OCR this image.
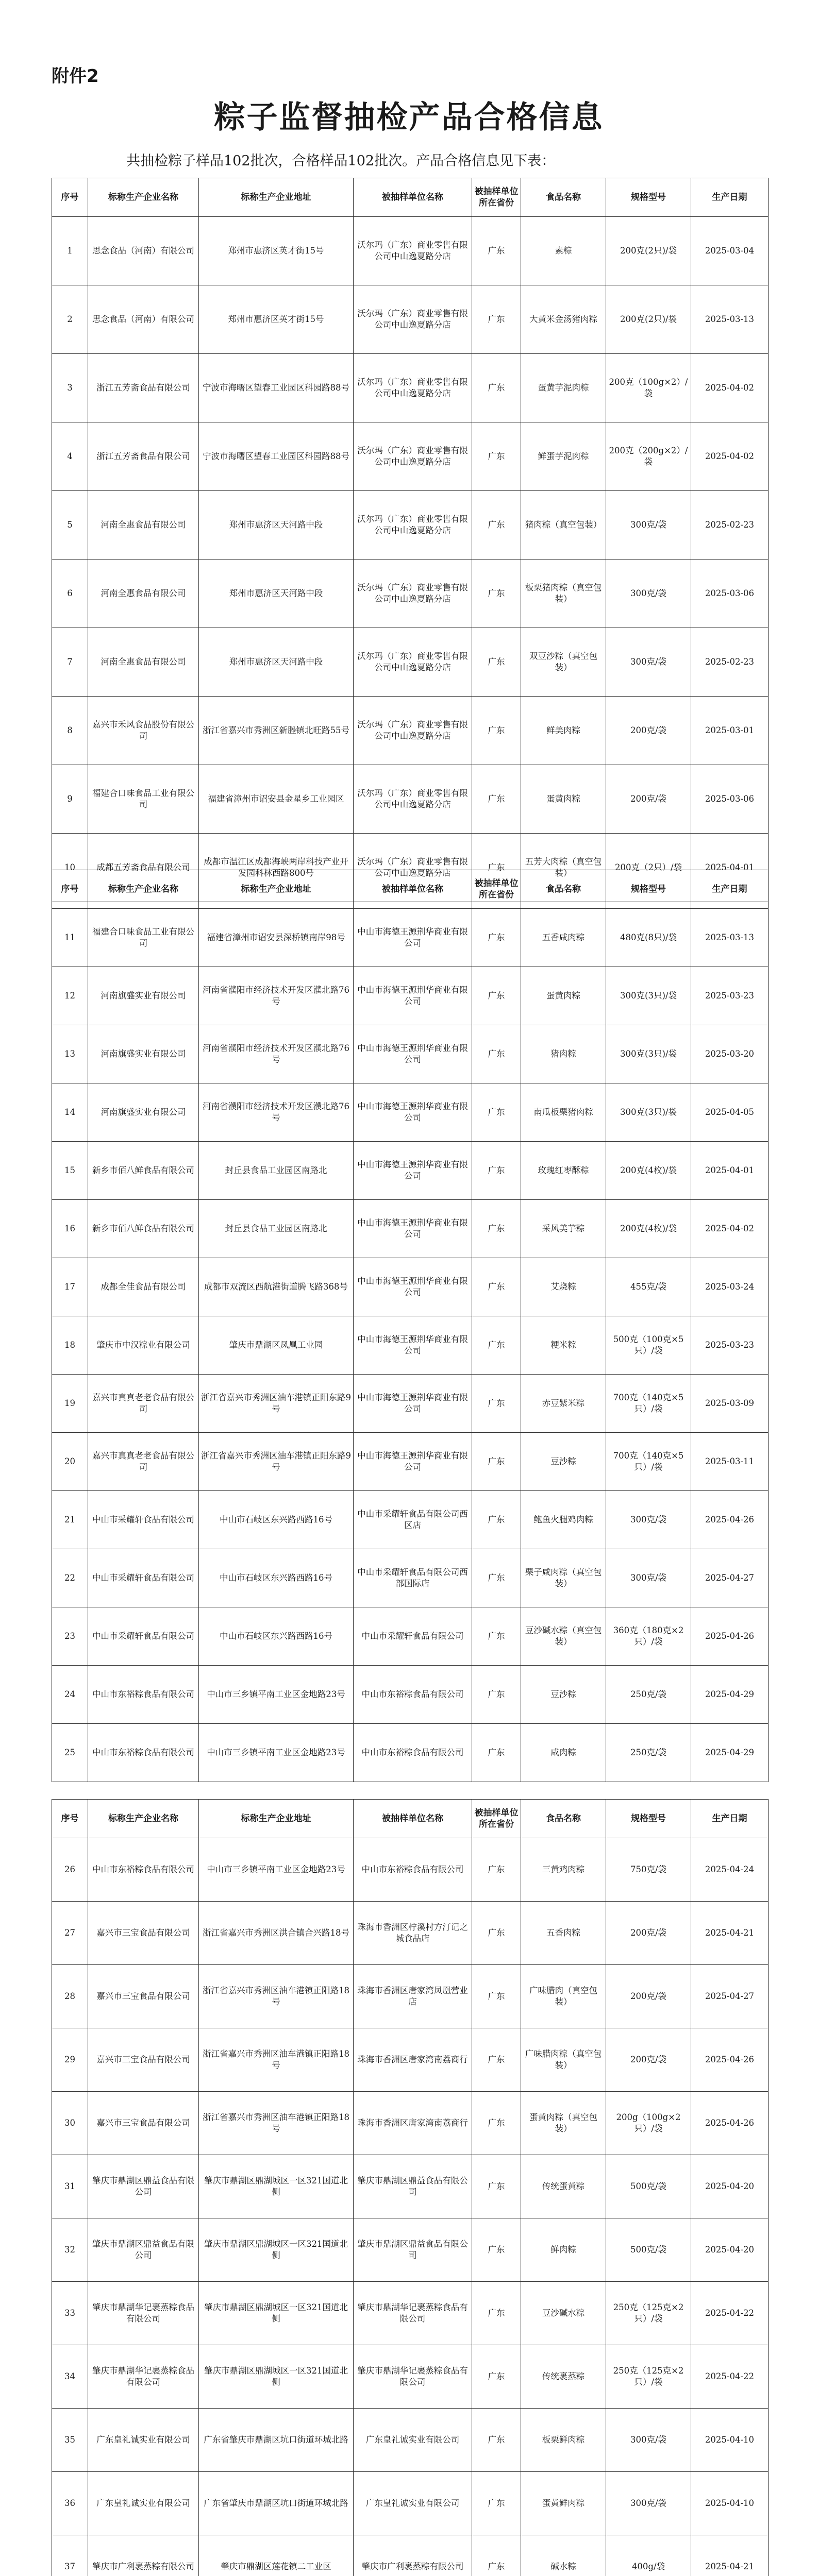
附件2
粽子监督抽检产品合格信息
共抽检粽子样品102批次，合格样品102批次。产品合格信息见下表：
序号	标称生产企业名称	标称生产企业地址	被抽样单位名称	被抽样单位所在省份	食品名称	规格型号	生产日期
1	思念食品（河南）有限公司	郑州市惠济区英才街15号	沃尔玛（广东）商业零售有限公司中山逸夏路分店	广东	素粽	200克(2只)/袋	2025-03-04
2	思念食品（河南）有限公司	郑州市惠济区英才街15号	沃尔玛（广东）商业零售有限公司中山逸夏路分店	广东	大黄米金汤猪肉粽	200克(2只)/袋	2025-03-13
3	浙江五芳斋食品有限公司	宁波市海曙区望春工业园区科园路88号	沃尔玛（广东）商业零售有限公司中山逸夏路分店	广东	蛋黄芋泥肉粽	200克（100g×2）/袋	2025-04-02
4	浙江五芳斋食品有限公司	宁波市海曙区望春工业园区科园路88号	沃尔玛（广东）商业零售有限公司中山逸夏路分店	广东	鲜蛋芋泥肉粽	200克（200g×2）/袋	2025-04-02
5	河南全惠食品有限公司	郑州市惠济区天河路中段	沃尔玛（广东）商业零售有限公司中山逸夏路分店	广东	猪肉粽（真空包装）	300克/袋	2025-02-23
6	河南全惠食品有限公司	郑州市惠济区天河路中段	沃尔玛（广东）商业零售有限公司中山逸夏路分店	广东	板栗猪肉粽（真空包装）	300克/袋	2025-03-06
7	河南全惠食品有限公司	郑州市惠济区天河路中段	沃尔玛（广东）商业零售有限公司中山逸夏路分店	广东	双豆沙粽（真空包装）	300克/袋	2025-02-23
8	嘉兴市禾风食品股份有限公司	浙江省嘉兴市秀洲区新塍镇北旺路55号	沃尔玛（广东）商业零售有限公司中山逸夏路分店	广东	鲜美肉粽	200克/袋	2025-03-01
9	福建合口味食品工业有限公司	福建省漳州市诏安县金星乡工业园区	沃尔玛（广东）商业零售有限公司中山逸夏路分店	广东	蛋黄肉粽	200克/袋	2025-03-06
10	成都五芳斋食品有限公司	成都市温江区成都海峡两岸科技产业开发园科林西路800号	沃尔玛（广东）商业零售有限公司中山逸夏路分店	广东	五芳大肉粽（真空包装）	200克（2只）/袋	2025-04-01
序号	标称生产企业名称	标称生产企业地址	被抽样单位名称	被抽样单位所在省份	食品名称	规格型号	生产日期
11	福建合口味食品工业有限公司	福建省漳州市诏安县深桥镇南岸98号	中山市海德王源荆华商业有限公司	广东	五香咸肉粽	480克(8只)/袋	2025-03-13
12	河南旗盛实业有限公司	河南省濮阳市经济技术开发区濮北路76号	中山市海德王源荆华商业有限公司	广东	蛋黄肉粽	300克(3只)/袋	2025-03-23
13	河南旗盛实业有限公司	河南省濮阳市经济技术开发区濮北路76号	中山市海德王源荆华商业有限公司	广东	猪肉粽	300克(3只)/袋	2025-03-20
14	河南旗盛实业有限公司	河南省濮阳市经济技术开发区濮北路76号	中山市海德王源荆华商业有限公司	广东	南瓜板栗猪肉粽	300克(3只)/袋	2025-04-05
15	新乡市佰八鲜食品有限公司	封丘县食品工业园区南路北	中山市海德王源荆华商业有限公司	广东	玫瑰红枣酥粽	200克(4枚)/袋	2025-04-01
16	新乡市佰八鲜食品有限公司	封丘县食品工业园区南路北	中山市海德王源荆华商业有限公司	广东	采风美芋粽	200克(4枚)/袋	2025-04-02
17	成都全佳食品有限公司	成都市双流区西航港街道腾飞路368号	中山市海德王源荆华商业有限公司	广东	艾烧粽	455克/袋	2025-03-24
18	肇庆市中汉粽业有限公司	肇庆市鼎湖区凤凰工业园	中山市海德王源荆华商业有限公司	广东	粳米粽	500克（100克×5只）/袋	2025-03-23
19	嘉兴市真真老老食品有限公司	浙江省嘉兴市秀洲区油车港镇正阳东路9号	中山市海德王源荆华商业有限公司	广东	赤豆紫米粽	700克（140克×5只）/袋	2025-03-09
20	嘉兴市真真老老食品有限公司	浙江省嘉兴市秀洲区油车港镇正阳东路9号	中山市海德王源荆华商业有限公司	广东	豆沙粽	700克（140克×5只）/袋	2025-03-11
21	中山市采耀轩食品有限公司	中山市石岐区东兴路西路16号	中山市采耀轩食品有限公司西区店	广东	鲍鱼火腿鸡肉粽	300克/袋	2025-04-26
22	中山市采耀轩食品有限公司	中山市石岐区东兴路西路16号	中山市采耀轩食品有限公司西部国际店	广东	栗子咸肉粽（真空包装）	300克/袋	2025-04-27
23	中山市采耀轩食品有限公司	中山市石岐区东兴路西路16号	中山市采耀轩食品有限公司	广东	豆沙碱水粽（真空包装）	360克（180克×2只）/袋	2025-04-26
24	中山市东裕粽食品有限公司	中山市三乡镇平南工业区金地路23号	中山市东裕粽食品有限公司	广东	豆沙粽	250克/袋	2025-04-29
25	中山市东裕粽食品有限公司	中山市三乡镇平南工业区金地路23号	中山市东裕粽食品有限公司	广东	咸肉粽	250克/袋	2025-04-29
序号	标称生产企业名称	标称生产企业地址	被抽样单位名称	被抽样单位所在省份	食品名称	规格型号	生产日期
26	中山市东裕粽食品有限公司	中山市三乡镇平南工业区金地路23号	中山市东裕粽食品有限公司	广东	三黄鸡肉粽	750克/袋	2025-04-24
27	嘉兴市三宝食品有限公司	浙江省嘉兴市秀洲区洪合镇合兴路18号	珠海市香洲区柠溪村方汀记之城食品店	广东	五香肉粽	200克/袋	2025-04-21
28	嘉兴市三宝食品有限公司	浙江省嘉兴市秀洲区油车港镇正阳路18号	珠海市香洲区唐家湾凤凰营业店	广东	广味腊肉（真空包装）	200克/袋	2025-04-27
29	嘉兴市三宝食品有限公司	浙江省嘉兴市秀洲区油车港镇正阳路18号	珠海市香洲区唐家湾南荔商行	广东	广味腊肉粽（真空包装）	200克/袋	2025-04-26
30	嘉兴市三宝食品有限公司	浙江省嘉兴市秀洲区油车港镇正阳路18号	珠海市香洲区唐家湾南荔商行	广东	蛋黄肉粽（真空包装）	200g（100g×2只）/袋	2025-04-26
31	肇庆市鼎湖区鼎益食品有限公司	肇庆市鼎湖区鼎湖城区一区321国道北侧	肇庆市鼎湖区鼎益食品有限公司	广东	传统蛋黄粽	500克/袋	2025-04-20
32	肇庆市鼎湖区鼎益食品有限公司	肇庆市鼎湖区鼎湖城区一区321国道北侧	肇庆市鼎湖区鼎益食品有限公司	广东	鲜肉粽	500克/袋	2025-04-20
33	肇庆市鼎湖华记裹蒸粽食品有限公司	肇庆市鼎湖区鼎湖城区一区321国道北侧	肇庆市鼎湖华记裹蒸粽食品有限公司	广东	豆沙碱水粽	250克（125克×2只）/袋	2025-04-22
34	肇庆市鼎湖华记裹蒸粽食品有限公司	肇庆市鼎湖区鼎湖城区一区321国道北侧	肇庆市鼎湖华记裹蒸粽食品有限公司	广东	传统裹蒸粽	250克（125克×2只）/袋	2025-04-22
35	广东皇礼诚实业有限公司	广东省肇庆市鼎湖区坑口街道环城北路	广东皇礼诚实业有限公司	广东	板栗鲜肉粽	300克/袋	2025-04-10
36	广东皇礼诚实业有限公司	广东省肇庆市鼎湖区坑口街道环城北路	广东皇礼诚实业有限公司	广东	蛋黄鲜肉粽	300克/袋	2025-04-10
37	肇庆市广利裹蒸粽有限公司	肇庆市鼎湖区莲花镇二工业区	肇庆市广利裹蒸粽有限公司	广东	碱水粽	400g/袋	2025-04-21
